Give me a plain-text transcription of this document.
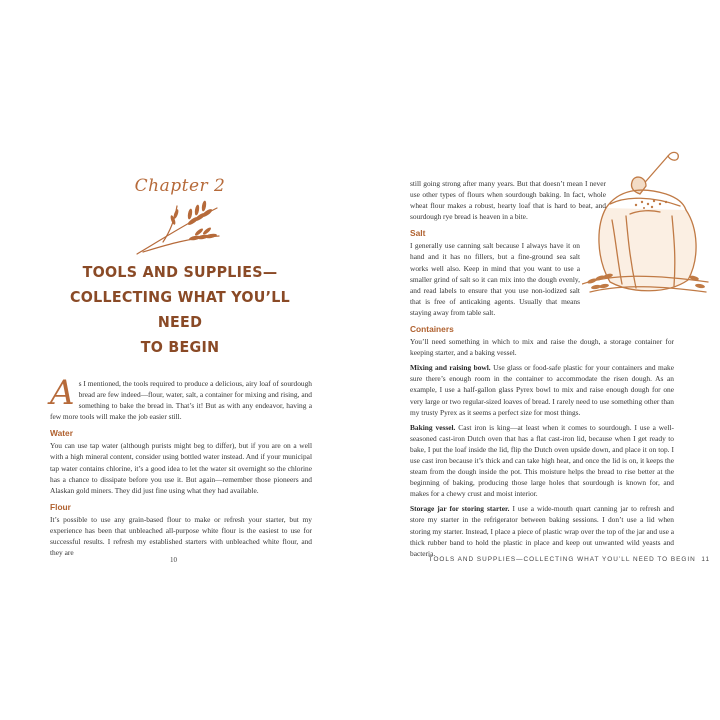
Chapter 2
TOOLS AND SUPPLIES—
COLLECTING WHAT YOU’LL NEED
TO BEGIN

As I mentioned, the tools required to produce a delicious, airy loaf of sourdough bread are few indeed—flour, water, salt, a container for mixing and rising, and something to bake the bread in. That’s it! But as with any endeavor, having a few more tools will make the job easier still.

Water

You can use tap water (although purists might beg to differ), but if you are on a well with a high mineral content, consider using bottled water instead. And if your municipal tap water contains chlorine, it’s a good idea to let the water sit overnight so the chlorine has a chance to dissipate before you use it. But again—remember those pioneers and Alaskan gold miners. They did just fine using what they had available.

Flour

It’s possible to use any grain-based flour to make or refresh your starter, but my experience has been that unbleached all-purpose white flour is the easiest to use for successful results. I refresh my established starters with unbleached white flour, and they are

10

still going strong after many years. But that doesn’t mean I never use other types of flours when sourdough baking. In fact, whole wheat flour makes a robust, hearty loaf that is hard to beat, and sourdough rye bread is heaven in a bite.

Salt

I generally use canning salt because I always have it on hand and it has no fillers, but a fine-ground sea salt works well also. Keep in mind that you want to use a smaller grind of salt so it can mix into the dough evenly, and read labels to ensure that you use non-iodized salt that is free of anticaking agents. Usually that means staying away from table salt.

Containers

You’ll need something in which to mix and raise the dough, a storage container for keeping starter, and a baking vessel.

Mixing and raising bowl. Use glass or food-safe plastic for your containers and make sure there’s enough room in the container to accommodate the risen dough. As an example, I use a half-gallon glass Pyrex bowl to mix and raise enough dough for one very large or two regular-sized loaves of bread. I rarely need to use something other than my trusty Pyrex as it seems a perfect size for most things.

Baking vessel. Cast iron is king—at least when it comes to sourdough. I use a well-seasoned cast-iron Dutch oven that has a flat cast-iron lid, because when I get ready to bake, I put the loaf inside the lid, flip the Dutch oven upside down, and place it on top. I use cast iron because it’s thick and can take high heat, and once the lid is on, it keeps the steam from the dough inside the pot. This moisture helps the bread to rise better at the beginning of baking, producing those large holes that sourdough is known for, and makes for a chewy crust and moist interior.

Storage jar for storing starter. I use a wide-mouth quart canning jar to refresh and store my starter in the refrigerator between baking sessions. I don’t use a lid when storing my starter. Instead, I place a piece of plastic wrap over the top of the jar and use a thick rubber band to hold the plastic in place and keep out unwanted wild yeasts and bacteria.

TOOLS AND SUPPLIES—COLLECTING WHAT YOU’LL NEED TO BEGIN 11
